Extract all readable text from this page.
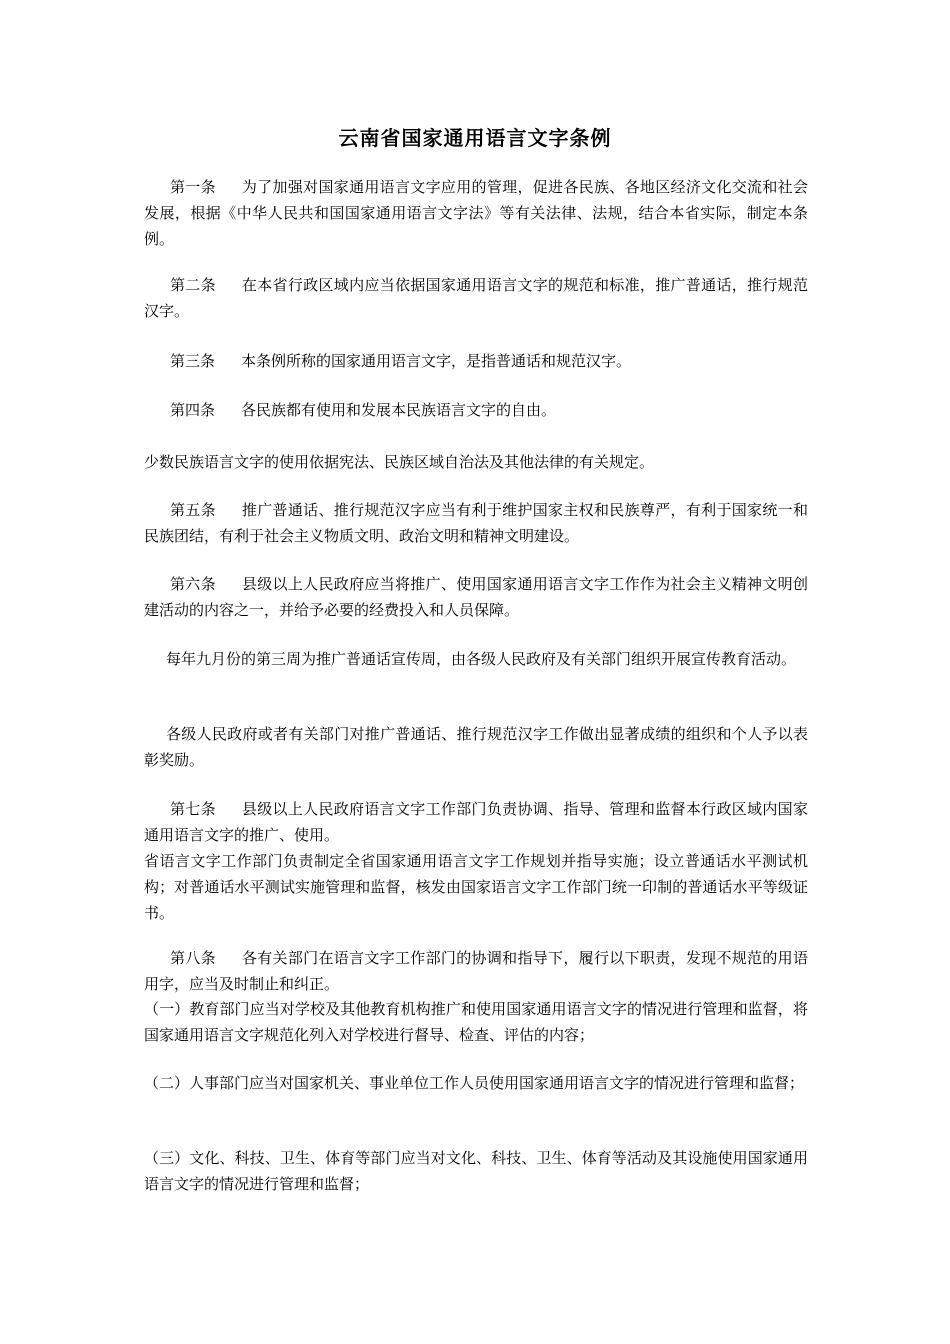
云南省国家通用语言文字条例

第一条 为了加强对国家通用语言文字应用的管理，促进各民族、各地区经济文化交流和社会发展，根据《中华人民共和国国家通用语言文字法》等有关法律、法规，结合本省实际，制定本条例。

第二条 在本省行政区域内应当依据国家通用语言文字的规范和标准，推广普通话，推行规范汉字。

第三条 本条例所称的国家通用语言文字，是指普通话和规范汉字。

第四条 各民族都有使用和发展本民族语言文字的自由。

少数民族语言文字的使用依据宪法、民族区域自治法及其他法律的有关规定。

第五条 推广普通话、推行规范汉字应当有利于维护国家主权和民族尊严，有利于国家统一和民族团结，有利于社会主义物质文明、政治文明和精神文明建设。

第六条 县级以上人民政府应当将推广、使用国家通用语言文字工作作为社会主义精神文明创建活动的内容之一，并给予必要的经费投入和人员保障。

每年九月份的第三周为推广普通话宣传周，由各级人民政府及有关部门组织开展宣传教育活动。

各级人民政府或者有关部门对推广普通话、推行规范汉字工作做出显著成绩的组织和个人予以表彰奖励。

第七条 县级以上人民政府语言文字工作部门负责协调、指导、管理和监督本行政区域内国家通用语言文字的推广、使用。

省语言文字工作部门负责制定全省国家通用语言文字工作规划并指导实施；设立普通话水平测试机构；对普通话水平测试实施管理和监督，核发由国家语言文字工作部门统一印制的普通话水平等级证书。

第八条 各有关部门在语言文字工作部门的协调和指导下，履行以下职责，发现不规范的用语用字，应当及时制止和纠正。

（一）教育部门应当对学校及其他教育机构推广和使用国家通用语言文字的情况进行管理和监督，将国家通用语言文字规范化列入对学校进行督导、检查、评估的内容；

（二）人事部门应当对国家机关、事业单位工作人员使用国家通用语言文字的情况进行管理和监督；

（三）文化、科技、卫生、体育等部门应当对文化、科技、卫生、体育等活动及其设施使用国家通用语言文字的情况进行管理和监督；
